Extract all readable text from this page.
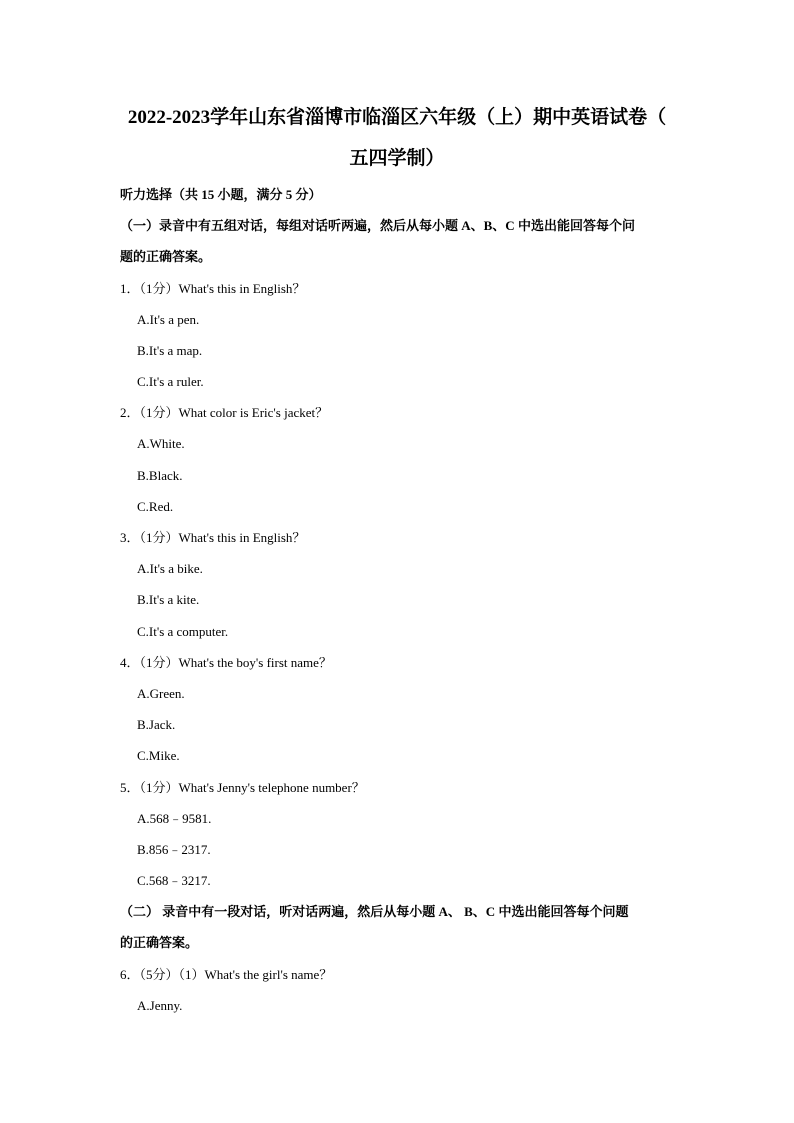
2022-2023学年山东省淄博市临淄区六年级（上）期中英语试卷（
五四学制）
听力选择（共 15 小题，满分 5 分）
（一）录音中有五组对话，每组对话听两遍，然后从每小题 A、B、C 中选出能回答每个问
题的正确答案。
1．（1分）What's this in English？
A.It's a pen.
B.It's a map.
C.It's a ruler.
2．（1分）What color is Eric's jacket？
A.White.
B.Black.
C.Red.
3．（1分）What's this in English？
A.It's a bike.
B.It's a kite.
C.It's a computer.
4．（1分）What's the boy's first name？
A.Green.
B.Jack.
C.Mike.
5．（1分）What's Jenny's telephone number？
A.568﹣9581.
B.856﹣2317.
C.568﹣3217.
（二） 录音中有一段对话，听对话两遍，然后从每小题 A、 B、C 中选出能回答每个问题
的正确答案。
6．（5分）（1）What's the girl's name？
A.Jenny.
